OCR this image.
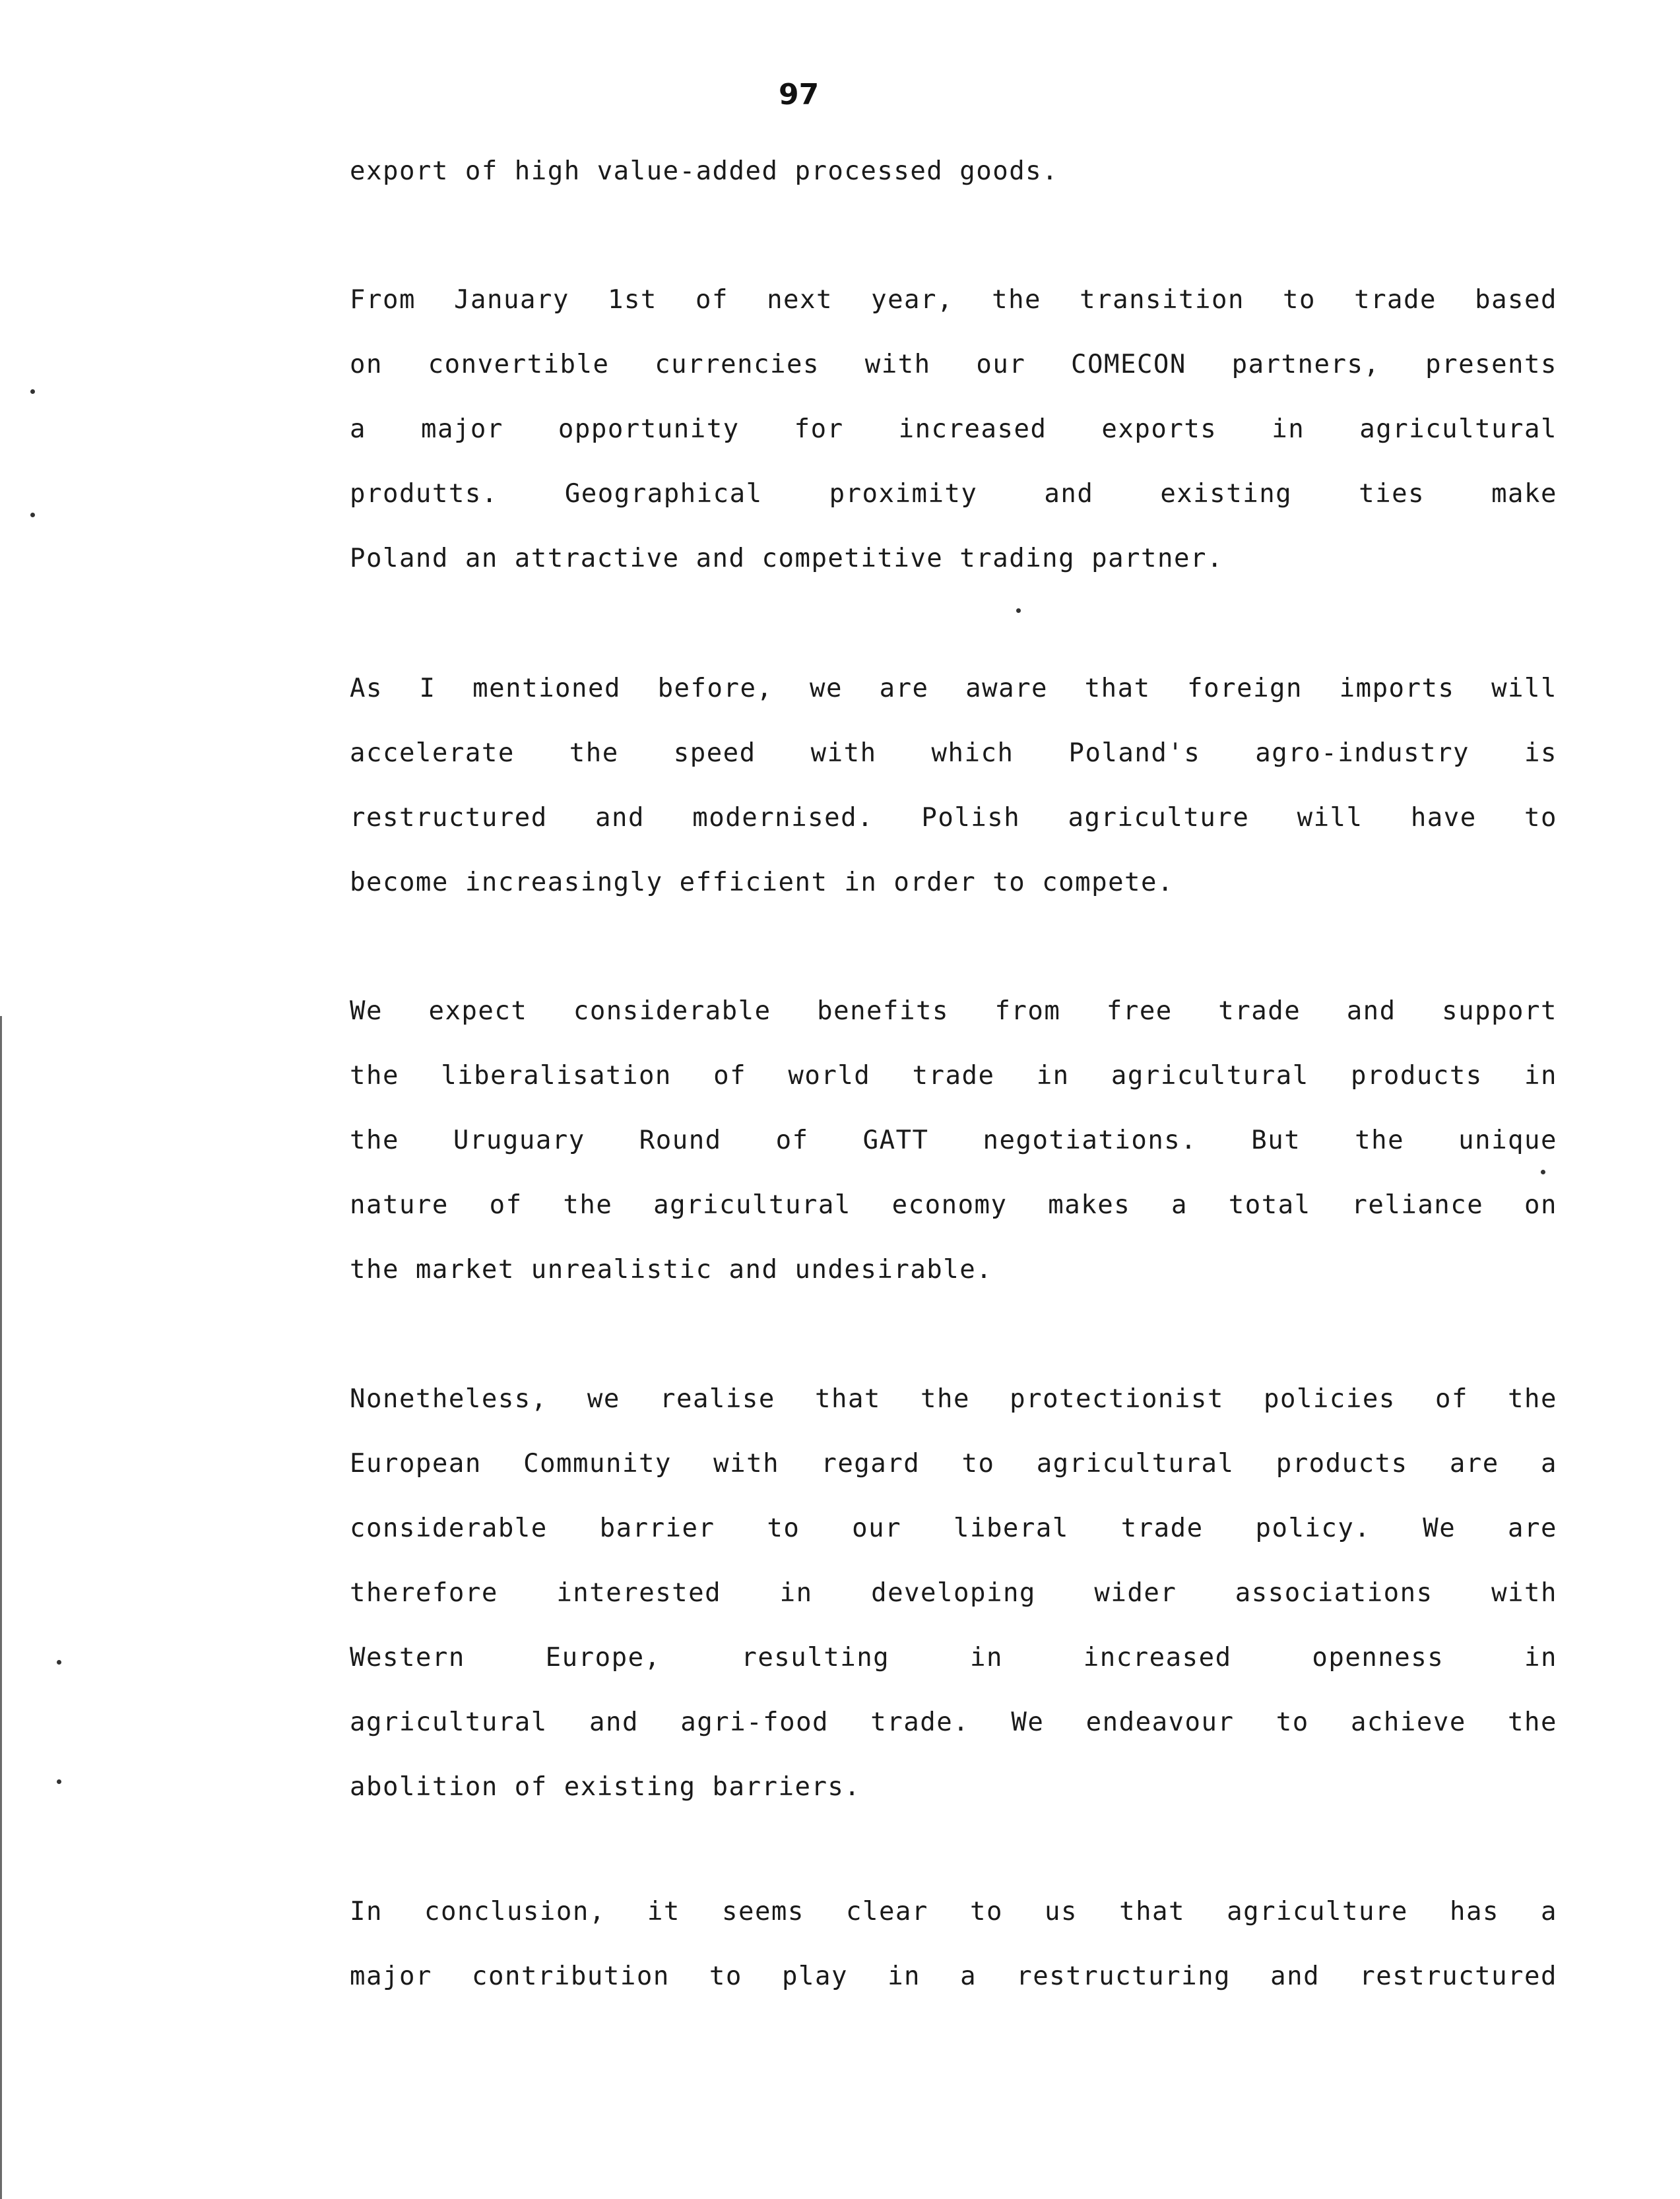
97
export of high value-added processed goods.
From January 1st of next year, the transition to trade based
on convertible currencies with our COMECON partners, presents
a major opportunity for increased exports in agricultural
produtts. Geographical proximity and existing ties make
Poland an attractive and competitive trading partner.
As I mentioned before, we are aware that foreign imports will
accelerate the speed with which Poland's agro-industry is
restructured and modernised. Polish agriculture will have to
become increasingly efficient in order to compete.
We expect considerable benefits from free trade and support
the liberalisation of world trade in agricultural products in
the Uruguary Round of GATT negotiations. But the unique
nature of the agricultural economy makes a total reliance on
the market unrealistic and undesirable.
Nonetheless, we realise that the protectionist policies of the
European Community with regard to agricultural products are a
considerable barrier to our liberal trade policy. We are
therefore interested in developing wider associations with
Western Europe, resulting in increased openness in
agricultural and agri-food trade. We endeavour to achieve the
abolition of existing barriers.
In conclusion, it seems clear to us that agriculture has a
major contribution to play in a restructuring and restructured
